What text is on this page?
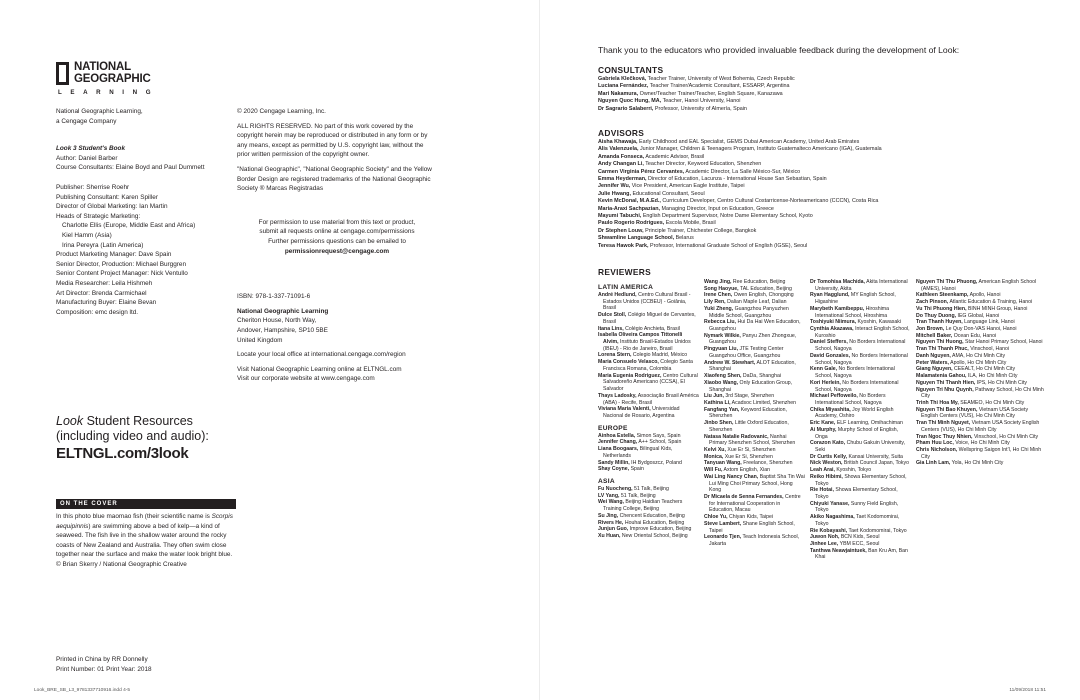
NATIONAL
GEOGRAPHIC
LEARNING
National Geographic Learning,
a Cengage Company
Look 3 Student's Book
Author: Daniel Barber
Course Consultants: Elaine Boyd and Paul Dummett
Publisher: Sherrise Roehr
Publishing Consultant: Karen Spiller
Director of Global Marketing: Ian Martin
Heads of Strategic Marketing:
Charlotte Ellis (Europe, Middle East and Africa)
Kiel Hamm (Asia)
Irina Pereyra (Latin America)
Product Marketing Manager: Dave Spain
Senior Director, Production: Michael Burggren
Senior Content Project Manager: Nick Ventullo
Media Researcher: Leila Hishmeh
Art Director: Brenda Carmichael
Manufacturing Buyer: Elaine Bevan
Composition: emc design ltd.
© 2020 Cengage Learning, Inc.
ALL RIGHTS RESERVED. No part of this work covered by the copyright herein may be reproduced or distributed in any form or by any means, except as permitted by U.S. copyright law, without the prior written permission of the copyright owner.
"National Geographic", "National Geographic Society" and the Yellow Border Design are registered trademarks of the National Geographic Society ® Marcas Registradas
For permission to use material from this text or product,
submit all requests online at cengage.com/permissions
Further permissions questions can be emailed to
permissionrequest@cengage.com
ISBN: 978-1-337-71091-6
National Geographic Learning
Cheriton House, North Way,
Andover, Hampshire, SP10 5BE
United Kingdom
Locate your local office at international.cengage.com/region
Visit National Geographic Learning online at ELTNGL.com
Visit our corporate website at www.cengage.com
Look Student Resources
(including video and audio):
ELTNGL.com/3look
ON THE COVER
In this photo blue maomao fish (their scientific name is Scorpis aequipinnis) are swimming above a bed of kelp—a kind of seaweed. The fish live in the shallow water around the rocky coasts of New Zealand and Australia. They often swim close together near the surface and make the water look bright blue.
© Brian Skerry / National Geographic Creative
Printed in China by RR Donnelly
Print Number: 01 Print Year: 2018
Look_BRE_SB_L3_9781337710916.indd 4-5	11/09/2018 11:51
Thank you to the educators who provided invaluable feedback during the development of Look:
CONSULTANTS
Gabriela Klečková, Teacher Trainer, University of West Bohemia, Czech Republic
Luciana Fernández, Teacher Trainer/Academic Consultant, ESSARP, Argentina
Mari Nakamura, Owner/Teacher Trainer/Teacher, English Square, Kanazawa
Nguyen Quoc Hung, MA, Teacher, Hanoi University, Hanoi
Dr Sagrario Salaberri, Professor, University of Almería, Spain
ADVISORS
Aisha Khawaja, Early Childhood and EAL Specialist, GEMS Dubai American Academy, United Arab Emirates
Alis Valenzuela, Junior Manager, Children & Teenagers Program, Instituto Guatemalteco Americano (IGA), Guatemala
Amanda Fonseca, Academic Advisor, Brasil
Andy Changan Li, Teacher Director, Keyword Education, Shenzhen
Carmen Virginia Pérez Cervantes, Academic Director, La Salle México-Sur, México
Emma Heyderman, Director of Education, Lacunza - International House San Sebastian, Spain
Jennifer Wu, Vice President, American Eagle Institute, Taipei
Julie Hwang, Educational Consultant, Seoul
Kevin McDonal, M.A.Ed., Curriculum Developer, Centro Cultural Costarricense-Norteamericano (CCCN), Costa Rica
Maria-Araxi Sachpazian, Managing Director, Input on Education, Greece
Mayumi Tabuchi, English Department Supervisor, Notre Dame Elementary School, Kyoto
Paulo Rogerio Rodrigues, Escola Mobile, Brasil
Dr Stephen Louw, Principle Trainer, Chichester College, Bangkok
Shwamline Language School, Belarus
Teresa Hawok Park, Professor, International Graduate School of English (IGSE), Seoul
REVIEWERS
LATIN AMERICA
André Hedlund, Centro Cultural Brasil - Estados Unidos (CCBEU) - Goiânia, Brasil
Dulce Stoll, Colégio Miguel de Cervantes, Brasil
Itana Lins, Colégio Anchieta, Brasil
Isabella Oliveira Campos Tittonelli Alvim, Instituto Brasil-Estados Unidos (IBEU) - Rio de Janeiro, Brasil
Lorena Stern, Colegio Madrid, México
Maria Consuelo Velasco, Colegio Santa Francisca Romana, Colombia
Maria Eugenia Rodriguez, Centro Cultural Salvadoreño Americano (CCSA), El Salvador
Thays Ladosky, Associação Brasil América (ABA) - Recife, Brasil
Viviana Maria Valenti, Universidad Nacional de Rosario, Argentina
EUROPE
Ainhoa Estella, Simon Says, Spain
Jennifer Chang, A++ School, Spain
Liana Boogaars, Bilingual Kids, Netherlands
Sandy Millin, IH Bydgoszcz, Poland
Shay Coyne, Spain
ASIA
Fu Nuocheng, 51 Talk, Beijing
LV Yang, 51 Talk, Beijing
Wei Wang, Beijing Haidian Teachers Training College, Beijing
Su Jing, Chencent Education, Beijing
Rivers He, Houhai Education, Beijing
Junjun Guo, Improve Education, Beijing
Xu Huan, New Oriental School, Beijing
Wang Jing, Ree Education, Beijing
Song Haoyue, TAL Education, Beijing
Irene Chen, Owen English, Chongqing
Lily Ren, Dalian Maple Leaf, Dalian
Yuki Zheng, Guangzhou Panyuzhen Middle School, Guangzhou
Rebecca Liu, Hui Da Hai Wen Education, Guangzhou
Nymark Wilkie, Panyu Zhen Zhongxue, Guangzhou
Pingyuan Liu, JTE Testing Center Guangzhou Office, Guangzhou
Andrew W. Stewhart, ALOT Education, Shanghai
Xiaofeng Shen, DaDa, Shanghai
Xiaobo Wang, Only Education Group, Shanghai
Liu Jun, 3rd Stage, Shenzhen
Kathina Li, Acadsoc Limited, Shenzhen
Fangfang Yan, Keyword Education, Shenzhen
Jinbo Shen, Little Oxford Education, Shenzhen
Natasa Natalie Radovanic, Nanhai Primary Shenzhen School, Shenzhen
Kelvi Xu, Xue Er Si, Shenzhen
Monica, Xue Er Si, Shenzhen
Tanyuan Wang, Freelance, Shenzhen
Will Fu, Axtom English, Xian
Wai Ling Nancy Chan, Baptist Sha Tin Wai Lui Ming Choi Primary School, Hong Kong
Dr Micaela de Senna Fernandes, Centre for International Cooperation in Education, Macau
Chloe Yu, Chiyan Kids, Taipei
Steve Lambert, Shane English School, Taipei
Leonardo Tjen, Teach Indonesia School, Jakarta
Dr Tomohisa Machida, Akita International University, Akita
Ryan Hagglund, MY English School, Higashine
Marybeth Kamibeppu, Hiroshima International School, Hiroshima
Toshiyuki Niimura, Kyoshin, Kawasaki
Cynthia Akazawa, Interact English School, Kuroshio
Daniel Steffers, No Borders International School, Nagoya
David Gonzales, No Borders International School, Nagoya
Kenn Gale, No Borders International School, Nagoya
Kori Herlein, No Borders International School, Nagoya
Michael Peffoweilo, No Borders International School, Nagoya
Chika Miyashita, Joy World English Academy, Oshiro
Eric Kane, ELF Learning, Omihachiman
Ai Murphy, Murphy School of English, Onga
Corazon Kato, Chubu Gakuin University, Seki
Dr Curtis Kelly, Kansai University, Suita
Nick Weston, British Council Japan, Tokyo
Leah Arai, Kyoshin, Tokyo
Reiko Hibimi, Showa Elementary School, Tokyo
Rie Hotai, Showa Elementary School, Tokyo
Chiyuki Yanase, Sunny Field English, Tokyo
Akiko Nagashima, Taet Kodomomirai, Tokyo
Rie Kobayashi, Taet Kodomomirai, Tokyo
Juwon Noh, BCN Kids, Seoul
Jinhee Lee, YBM ECC, Seoul
Tanthwa Neawjaintuek, Ban Kru Am, Ban Khai
Nguyen Thi Thu Phuong, American English School (AMES), Hanoi
Kathleen Steenkamp, Apollo, Hanoi
Zach Pinson, Atlantic Education & Training, Hanoi
Vu Thi Phuong Hien, BINH MINH Group, Hanoi
Do Thuy Duong, IEG Global, Hanoi
Tran Thanh Huyen, Language Link, Hanoi
Jon Brown, Le Quy Don-VAS Hanoi, Hanoi
Mitchell Baker, Ocean Edu, Hanoi
Nguyen Thi Huong, Star Hanoi Primary School, Hanoi
Tran Thi Thanh Phuc, Vinschool, Hanoi
Danh Nguyen, AMA, Ho Chi Minh City
Peter Waters, Apollo, Ho Chi Minh City
Giang Nguyen, CEEALT, Ho Chi Minh City
Malamatenia Gahou, ILA, Ho Chi Minh City
Nguyen Thi Thanh Hien, IPS, Ho Chi Minh City
Nguyen Tri Nhu Quynh, Pathway School, Ho Chi Minh City
Trinh Thi Hoa My, SEAMEO, Ho Chi Minh City
Nguyen Thi Bao Khuyen, Vietnam USA Society English Centers (VUS), Ho Chi Minh City
Tran Thi Minh Nguyet, Vietnam USA Society English Centers (VUS), Ho Chi Minh City
Tran Ngoc Thuy Nhien, Vinschool, Ho Chi Minh City
Pham Huu Loc, Voice, Ho Chi Minh City
Chris Nicholson, Wellspring Saigon Int'l, Ho Chi Minh City
Gia Linh Lam, Yola, Ho Chi Minh City
